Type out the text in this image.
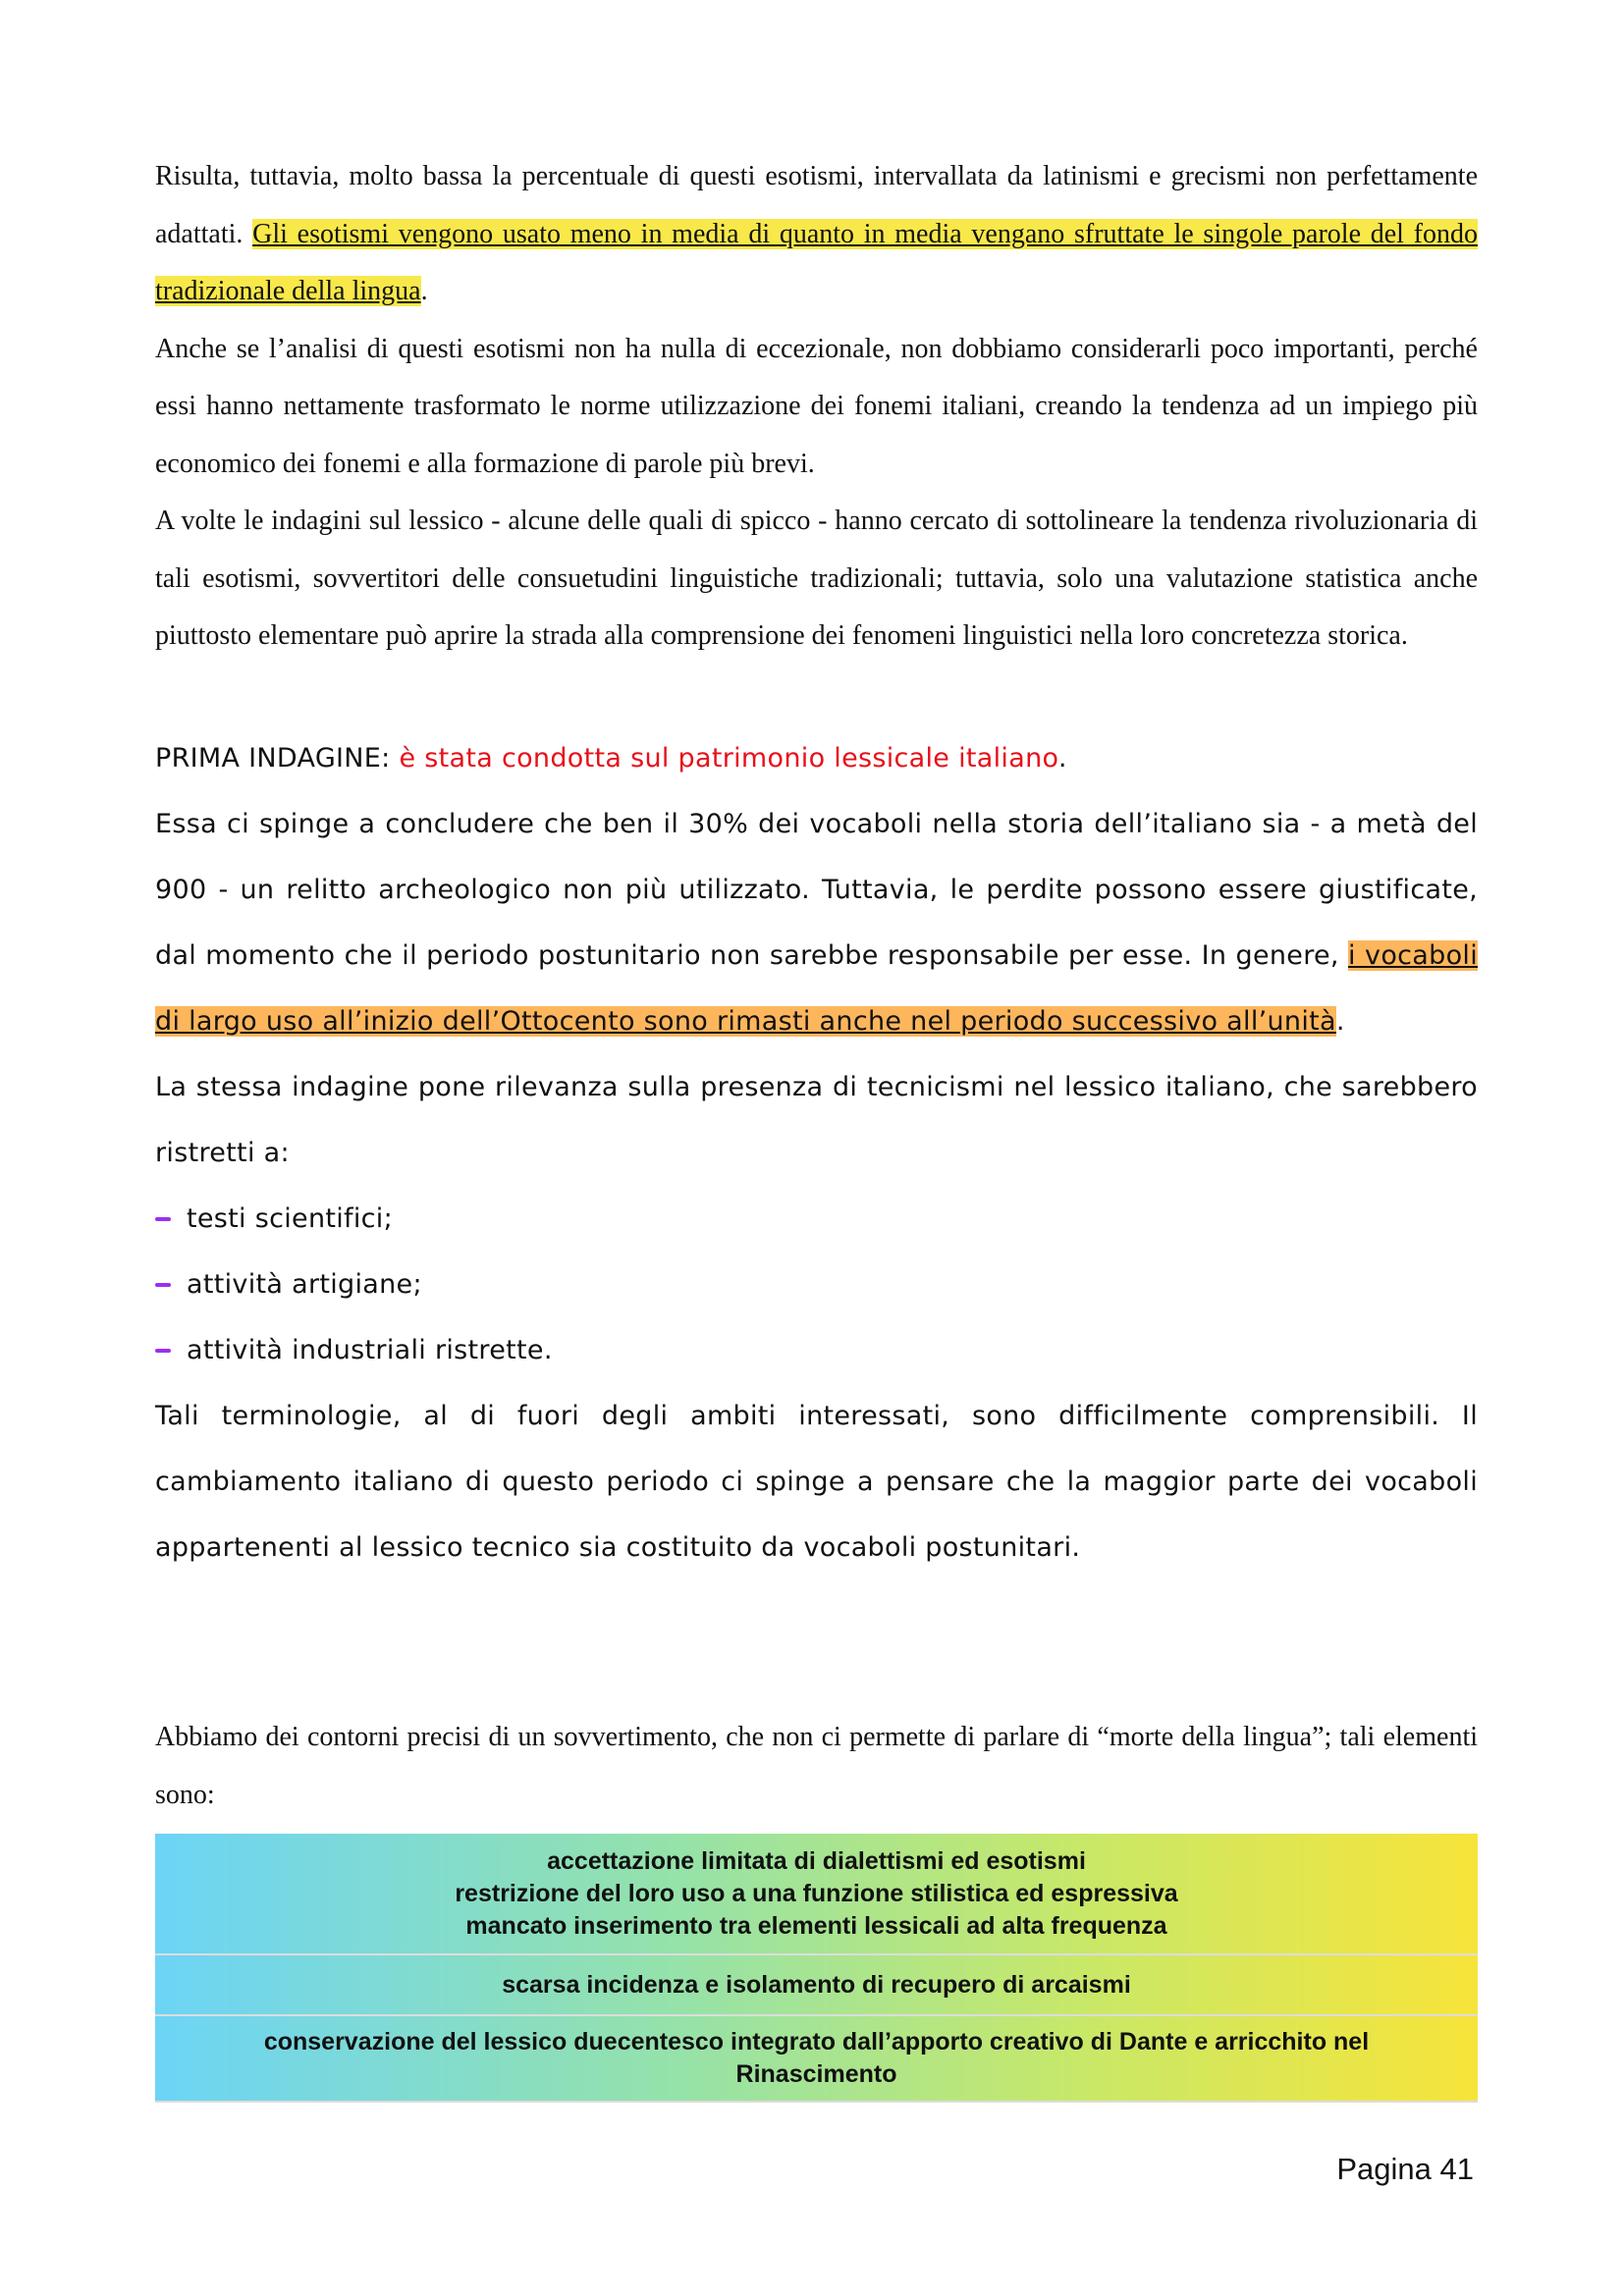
Risulta, tuttavia, molto bassa la percentuale di questi esotismi, intervallata da latinismi e grecismi non perfettamente adattati. Gli esotismi vengono usato meno in media di quanto in media vengano sfruttate le singole parole del fondo tradizionale della lingua.

Anche se l’analisi di questi esotismi non ha nulla di eccezionale, non dobbiamo considerarli poco importanti, perché essi hanno nettamente trasformato le norme utilizzazione dei fonemi italiani, creando la tendenza ad un impiego più economico dei fonemi e alla formazione di parole più brevi.

A volte le indagini sul lessico - alcune delle quali di spicco - hanno cercato di sottolineare la tendenza rivoluzionaria di tali esotismi, sovvertitori delle consuetudini linguistiche tradizionali; tuttavia, solo una valutazione statistica anche piuttosto elementare può aprire la strada alla comprensione dei fenomeni linguistici nella loro concretezza storica.

PRIMA INDAGINE: è stata condotta sul patrimonio lessicale italiano.

Essa ci spinge a concludere che ben il 30% dei vocaboli nella storia dell’italiano sia - a metà del 900 - un relitto archeologico non più utilizzato. Tuttavia, le perdite possono essere giustificate, dal momento che il periodo postunitario non sarebbe responsabile per esse. In genere, i vocaboli di largo uso all’inizio dell’Ottocento sono rimasti anche nel periodo successivo all’unità.

La stessa indagine pone rilevanza sulla presenza di tecnicismi nel lessico italiano, che sarebbero ristretti a:

testi scientifici;
attività artigiane;
attività industriali ristrette.

Tali terminologie, al di fuori degli ambiti interessati, sono difficilmente comprensibili. Il cambiamento italiano di questo periodo ci spinge a pensare che la maggior parte dei vocaboli appartenenti al lessico tecnico sia costituito da vocaboli postunitari.

Abbiamo dei contorni precisi di un sovvertimento, che non ci permette di parlare di “morte della lingua”; tali elementi sono:

accettazione limitata di dialettismi ed esotismi
restrizione del loro uso a una funzione stilistica ed espressiva
mancato inserimento tra elementi lessicali ad alta frequenza
scarsa incidenza e isolamento di recupero di arcaismi
conservazione del lessico duecentesco integrato dall’apporto creativo di Dante e arricchito nel Rinascimento
Pagina 41
